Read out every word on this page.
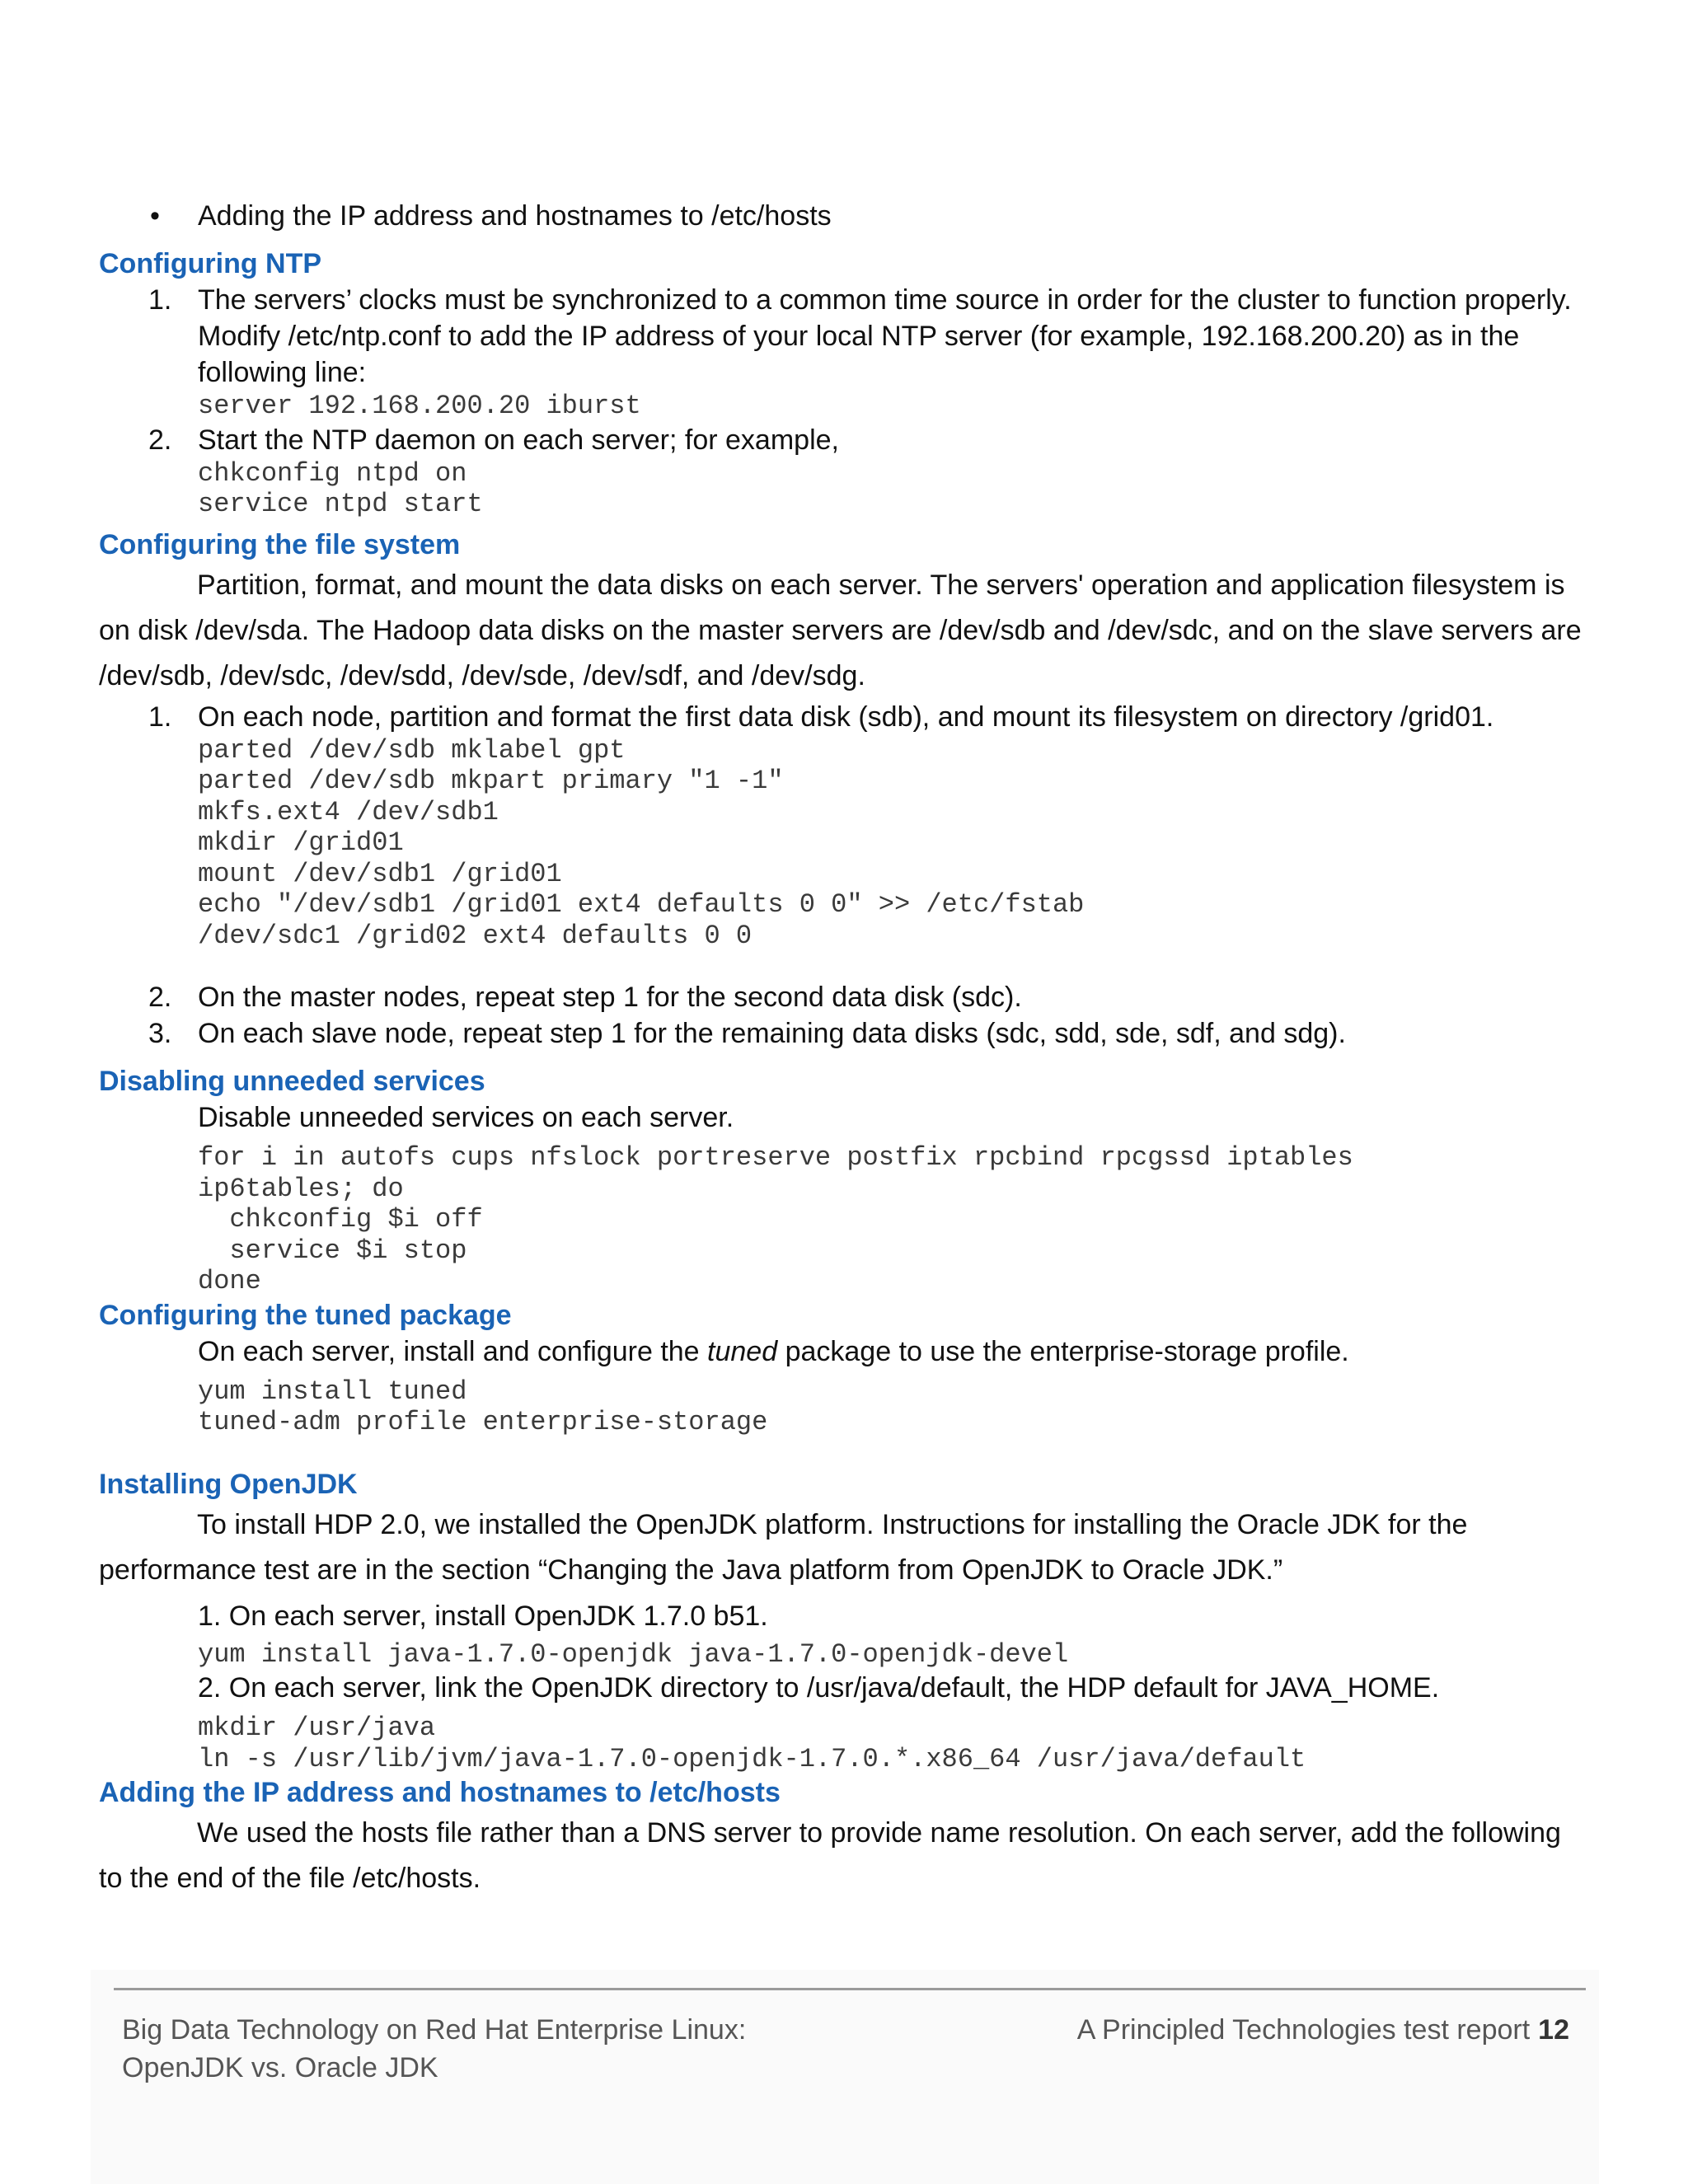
• Adding the IP address and hostnames to /etc/hosts

Configuring NTP

1. The servers’ clocks must be synchronized to a common time source in order for the cluster to function properly. Modify /etc/ntp.conf to add the IP address of your local NTP server (for example, 192.168.200.20) as in the following line:

server 192.168.200.20 iburst

2. Start the NTP daemon on each server; for example,

chkconfig ntpd on

service ntpd start

Configuring the file system

Partition, format, and mount the data disks on each server. The servers' operation and application filesystem is on disk /dev/sda. The Hadoop data disks on the master servers are /dev/sdb and /dev/sdc, and on the slave servers are /dev/sdb, /dev/sdc, /dev/sdd, /dev/sde, /dev/sdf, and /dev/sdg.

1. On each node, partition and format the first data disk (sdb), and mount its filesystem on directory /grid01.

parted /dev/sdb mklabel gpt

parted /dev/sdb mkpart primary "1 -1"

mkfs.ext4 /dev/sdb1

mkdir /grid01

mount /dev/sdb1 /grid01

echo "/dev/sdb1 /grid01 ext4 defaults 0 0" >> /etc/fstab

/dev/sdc1 /grid02 ext4 defaults 0 0

2. On the master nodes, repeat step 1 for the second data disk (sdc).

3. On each slave node, repeat step 1 for the remaining data disks (sdc, sdd, sde, sdf, and sdg).

Disabling unneeded services

Disable unneeded services on each server.

for i in autofs cups nfslock portreserve postfix rpcbind rpcgssd iptables

ip6tables; do

chkconfig $i off

service $i stop

done

Configuring the tuned package

On each server, install and configure the tuned package to use the enterprise-storage profile.

yum install tuned

tuned-adm profile enterprise-storage

Installing OpenJDK

To install HDP 2.0, we installed the OpenJDK platform. Instructions for installing the Oracle JDK for the performance test are in the section “Changing the Java platform from OpenJDK to Oracle JDK.”

1. On each server, install OpenJDK 1.7.0 b51.

yum install java-1.7.0-openjdk java-1.7.0-openjdk-devel

2. On each server, link the OpenJDK directory to /usr/java/default, the HDP default for JAVA_HOME.

mkdir /usr/java

ln -s /usr/lib/jvm/java-1.7.0-openjdk-1.7.0.*.x86_64 /usr/java/default

Adding the IP address and hostnames to /etc/hosts

We used the hosts file rather than a DNS server to provide name resolution. On each server, add the following to the end of the file /etc/hosts.

Big Data Technology on Red Hat Enterprise Linux:
OpenJDK vs. Oracle JDK
A Principled Technologies test report 12
